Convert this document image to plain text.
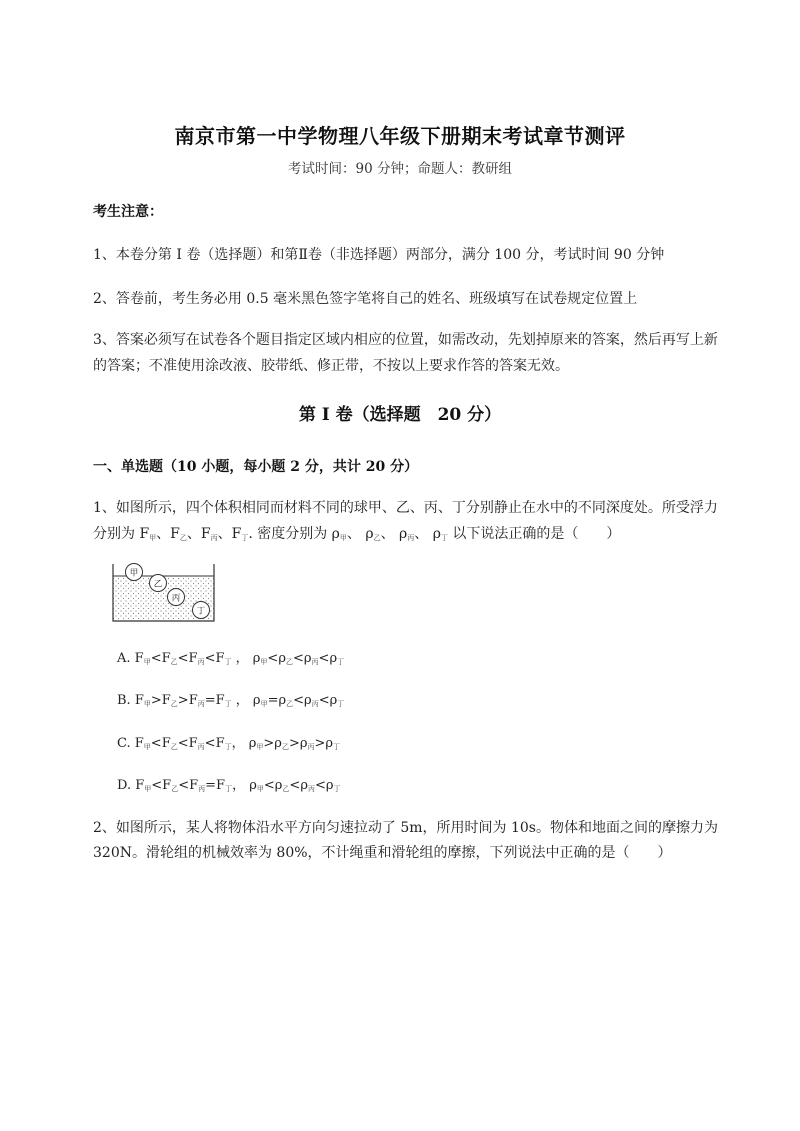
南京市第一中学物理八年级下册期末考试章节测评
考试时间：90 分钟；命题人：教研组
考生注意：
1、本卷分第 I 卷（选择题）和第Ⅱ卷（非选择题）两部分，满分 100 分，考试时间 90 分钟
2、答卷前，考生务必用 0.5 毫米黑色签字笔将自己的姓名、班级填写在试卷规定位置上
3、答案必须写在试卷各个题目指定区域内相应的位置，如需改动，先划掉原来的答案，然后再写上新
的答案；不准使用涂改液、胶带纸、修正带，不按以上要求作答的答案无效。
第 I 卷（选择题　20 分）
一、单选题（10 小题，每小题 2 分，共计 20 分）
1、如图所示，四个体积相同而材料不同的球甲、乙、丙、丁分别静止在水中的不同深度处。所受浮力
分别为 $F_甲$、$F_乙$、$F_丙$、$F_丁$. 密度分别为 $\rho_甲$、 $\rho_乙$、 $\rho_丙$、 $\rho_丁$ 以下说法正确的是（　　）
甲
乙
丙
丁
A. $F_甲<F_乙<F_丙<F_丁$ ， $\rho_甲<\rho_乙<\rho_丙<\rho_丁$
B. $F_甲>F_乙>F_丙=F_丁$ ， $\rho_甲=\rho_乙<\rho_丙<\rho_丁$
C. $F_甲<F_乙<F_丙<F_丁$， $\rho_甲>\rho_乙>\rho_丙>\rho_丁$
D. $F_甲<F_乙<F_丙=F_丁$， $\rho_甲<\rho_乙<\rho_丙<\rho_丁$
2、如图所示，某人将物体沿水平方向匀速拉动了 5m，所用时间为 10s。物体和地面之间的摩擦力为
320N。滑轮组的机械效率为 80%，不计绳重和滑轮组的摩擦，下列说法中正确的是（　　）
